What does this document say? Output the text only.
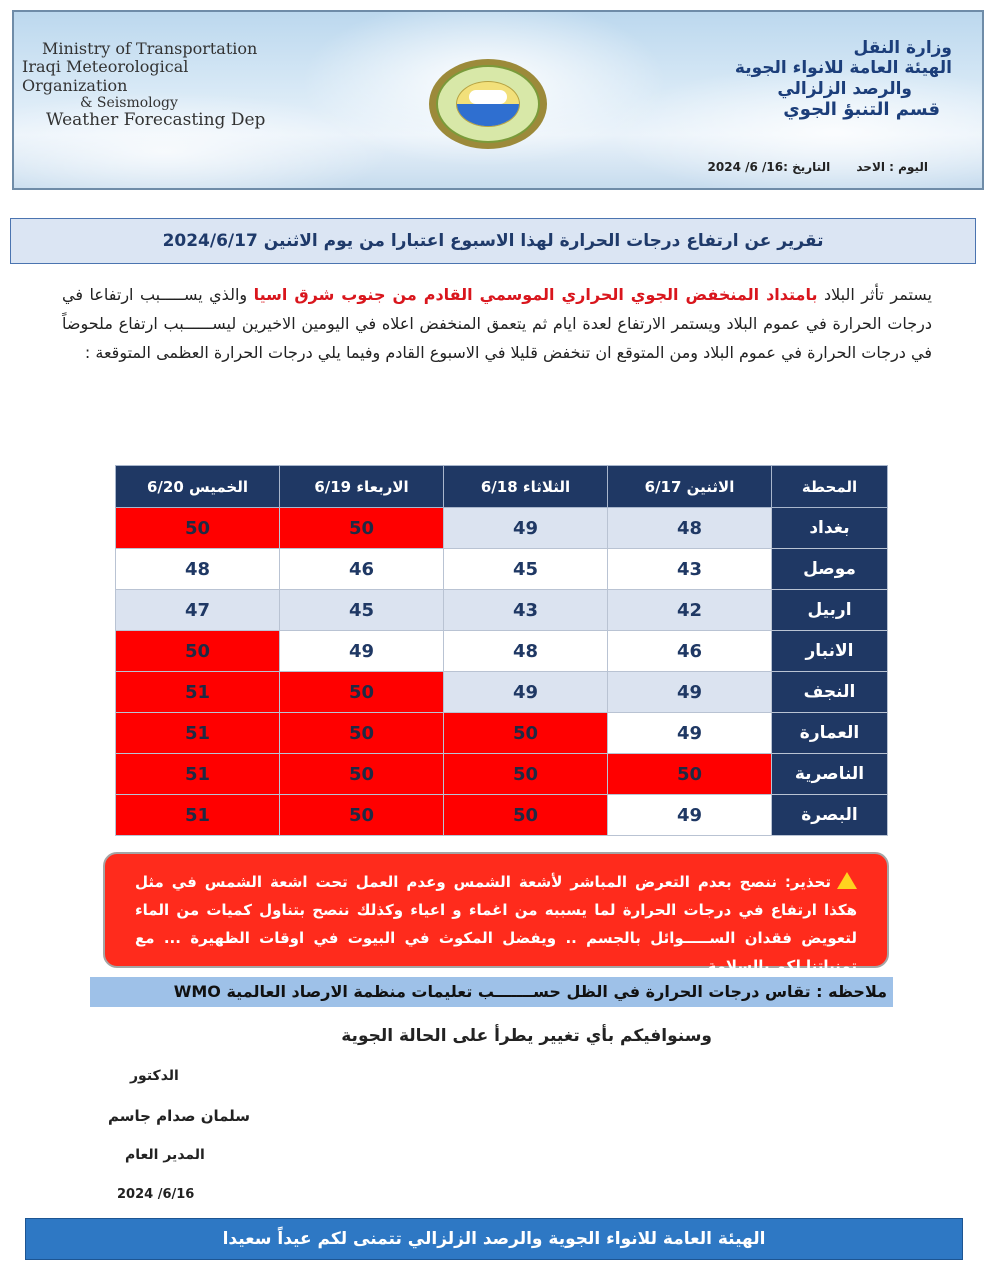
Ministry of Transportation
Iraqi Meteorological Organization
& Seismology
Weather Forecasting Dep
وزارة النقل
الهيئة العامة للانواء الجوية
والرصد الزلزالي
قسم التنبؤ الجوي
اليوم : الاحد التاريخ :16/ 6/ 2024
تقرير عن ارتفاع درجات الحرارة لهذا الاسبوع اعتبارا من يوم الاثنين 2024/6/17
يستمر تأثر البلاد بامتداد المنخفض الجوي الحراري الموسمي القادم من جنوب شرق اسيا والذي يســـــبب ارتفاعا في درجات الحرارة في عموم البلاد ويستمر الارتفاع لعدة ايام ثم يتعمق المنخفض اعلاه في اليومين الاخيرين ليســــــبب ارتفاع ملحوضاً في درجات الحرارة في عموم البلاد ومن المتوقع ان تنخفض قليلا في الاسبوع القادم وفيما يلي درجات الحرارة العظمى المتوقعة :
المحطة	الاثنين 6/17	الثلاثاء 6/18	الاربعاء 6/19	الخميس 6/20
بغداد	48	49	50	50
موصل	43	45	46	48
اربيل	42	43	45	47
الانبار	46	48	49	50
النجف	49	49	50	51
العمارة	49	50	50	51
الناصرية	50	50	50	51
البصرة	49	50	50	51
تحذير: ننصح بعدم التعرض المباشر لأشعة الشمس وعدم العمل تحت اشعة الشمس في مثل هكذا ارتفاع في درجات الحرارة لما يسببه من اغماء و اعياء وكذلك ننصح بتناول كميات من الماء لتعويض فقدان الســـــوائل بالجسم .. ويفضل المكوث في البيوت في اوقات الظهيرة ... مع تمنياتنا لكم بالسلامة
ملاحظه : تقاس درجات الحرارة في الظل حســـــــب تعليمات منظمة الارصاد العالمية WMO
وسنوافيكم بأي تغيير يطرأ على الحالة الجوية
الدكتور
سلمان صدام جاسم
المدير العام
2024 /6/16
الهيئة العامة للانواء الجوية والرصد الزلزالي تتمنى لكم عيداً سعيدا
